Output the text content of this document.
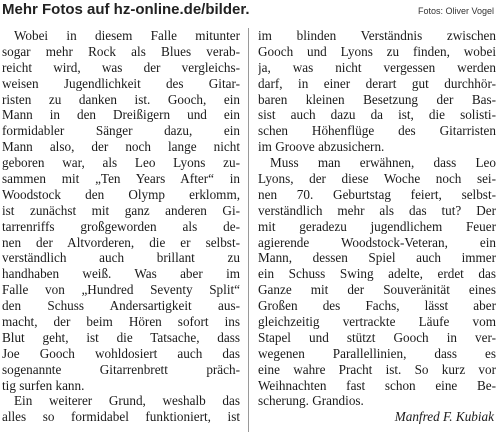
Mehr Fotos auf hz-online.de/bilder.	Fotos: Oliver Vogel
Wobei in diesem Falle mitunter
sogar mehr Rock als Blues verab-
reicht wird, was der vergleichs-
weisen Jugendlichkeit des Gitar-
risten zu danken ist. Gooch, ein
Mann in den Dreißigern und ein
formidabler Sänger dazu, ein
Mann also, der noch lange nicht
geboren war, als Leo Lyons zu-
sammen mit „Ten Years After“ in
Woodstock den Olymp erklomm,
ist zunächst mit ganz anderen Gi-
tarrenriffs großgeworden als de-
nen der Altvorderen, die er selbst-
verständlich auch brillant zu
handhaben weiß. Was aber im
Falle von „Hundred Seventy Split“
den Schuss Andersartigkeit aus-
macht, der beim Hören sofort ins
Blut geht, ist die Tatsache, dass
Joe Gooch wohldosiert auch das
sogenannte Gitarrenbrett präch-
tig surfen kann.
Ein weiterer Grund, weshalb das
alles so formidabel funktioniert, ist
im blinden Verständnis zwischen
Gooch und Lyons zu finden, wobei
ja, was nicht vergessen werden
darf, in einer derart gut durchhör-
baren kleinen Besetzung der Bas-
sist auch dazu da ist, die solisti-
schen Höhenflüge des Gitarristen
im Groove abzusichern.
Muss man erwähnen, dass Leo
Lyons, der diese Woche noch sei-
nen 70. Geburtstag feiert, selbst-
verständlich mehr als das tut? Der
mit geradezu jugendlichem Feuer
agierende Woodstock-Veteran, ein
Mann, dessen Spiel auch immer
ein Schuss Swing adelte, erdet das
Ganze mit der Souveränität eines
Großen des Fachs, lässt aber
gleichzeitig vertrackte Läufe vom
Stapel und stützt Gooch in ver-
wegenen Parallellinien, dass es
eine wahre Pracht ist. So kurz vor
Weihnachten fast schon eine Be-
scherung. Grandios.
Manfred F. Kubiak
